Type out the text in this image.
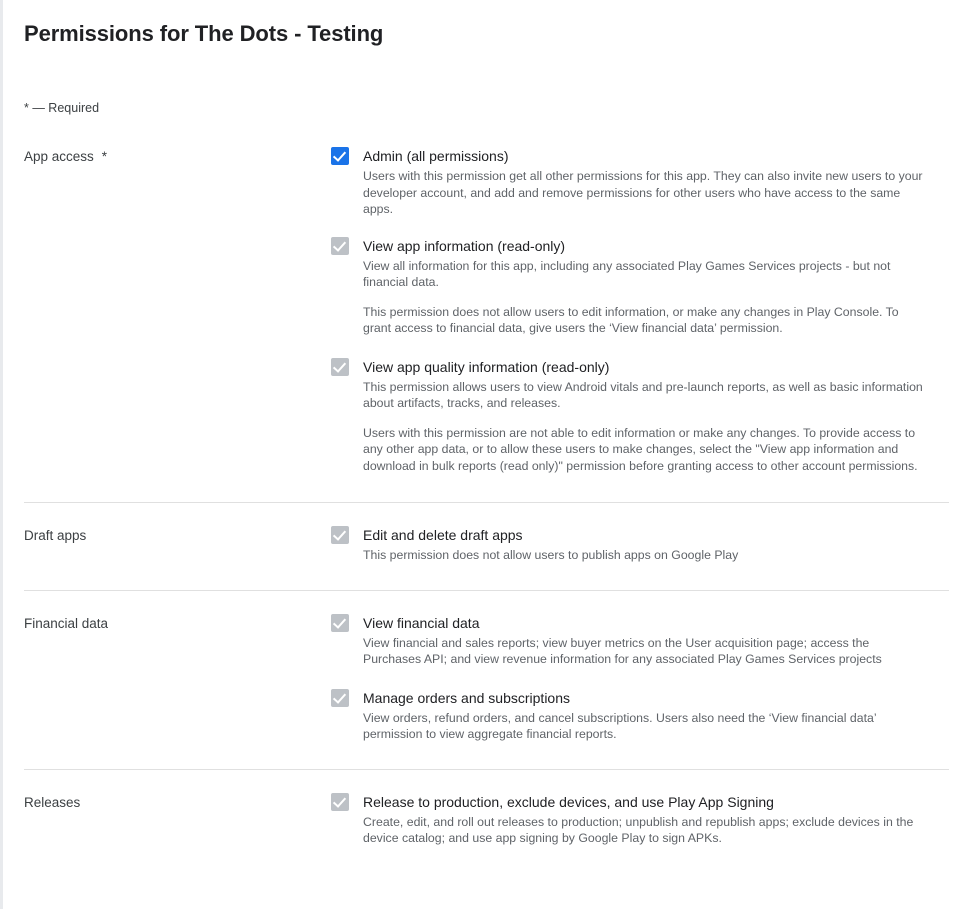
Permissions for The Dots - Testing
* — Required
App access *	Admin (all permissions)
Users with this permission get all other permissions for this app. They can also invite new users to your developer account, and add and remove permissions for other users who have access to the same apps.
View app information (read-only)
View all information for this app, including any associated Play Games Services projects - but not financial data.
This permission does not allow users to edit information, or make any changes in Play Console. To grant access to financial data, give users the ‘View financial data’ permission.
View app quality information (read-only)
This permission allows users to view Android vitals and pre-launch reports, as well as basic information about artifacts, tracks, and releases.
Users with this permission are not able to edit information or make any changes. To provide access to any other app data, or to allow these users to make changes, select the "View app information and download in bulk reports (read only)" permission before granting access to other account permissions.
Draft apps	Edit and delete draft apps
This permission does not allow users to publish apps on Google Play
Financial data	View financial data
View financial and sales reports; view buyer metrics on the User acquisition page; access the Purchases API; and view revenue information for any associated Play Games Services projects
Manage orders and subscriptions
View orders, refund orders, and cancel subscriptions. Users also need the ‘View financial data’ permission to view aggregate financial reports.
Releases	Release to production, exclude devices, and use Play App Signing
Create, edit, and roll out releases to production; unpublish and republish apps; exclude devices in the device catalog; and use app signing by Google Play to sign APKs.
